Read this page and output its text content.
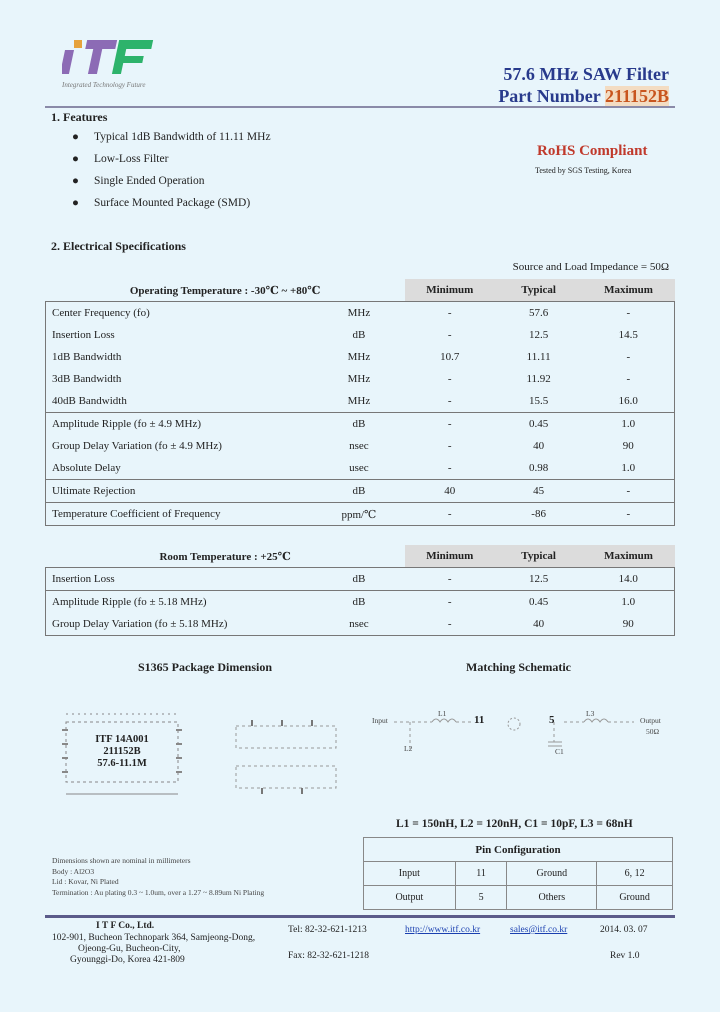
Integrated Technology Future
57.6 MHz SAW Filter
Part Number 211152B
1. Features
● Typical 1dB Bandwidth of 11.11 MHz
● Low-Loss Filter
● Single Ended Operation
● Surface Mounted Package (SMD)
RoHS Compliant
Tested by SGS Testing, Korea
2. Electrical Specifications
Source and Load Impedance = 50Ω
Operating Temperature : -30℃ ~ +80℃		Minimum	Typical	Maximum
Center Frequency (fo)	MHz	-	57.6	-
Insertion Loss	dB	-	12.5	14.5
1dB Bandwidth	MHz	10.7	11.11	-
3dB Bandwidth	MHz	-	11.92	-
40dB Bandwidth	MHz	-	15.5	16.0
Amplitude Ripple (fo ± 4.9 MHz)	dB	-	0.45	1.0
Group Delay Variation (fo ± 4.9 MHz)	nsec	-	40	90
Absolute Delay	usec	-	0.98	1.0
Ultimate Rejection	dB	40	45	-
Temperature Coefficient of Frequency	ppm/℃	-	-86	-
Room Temperature : +25℃		Minimum	Typical	Maximum
Insertion Loss	dB	-	12.5	14.0
Amplitude Ripple (fo ± 5.18 MHz)	dB	-	0.45	1.0
Group Delay Variation (fo ± 5.18 MHz)	nsec	-	40	90
S1365 Package Dimension
ITF 14A001
211152B
57.6-11.1M
Dimensions shown are nominal in millimeters
Body : Al2O3
Lid : Kovar, Ni Plated
Termination : Au plating 0.3 ~ 1.0um, over a 1.27 ~ 8.89um Ni Plating
Matching Schematic
Input	Output
50Ω
L1	L3
L2	C1
11	5
L1 = 150nH, L2 = 120nH, C1 = 10pF, L3 = 68nH
Pin Configuration			
Input	11	Ground	6, 12
Output	5	Others	Ground
I T F Co., Ltd.
102-901, Bucheon Technopark 364, Samjeong-Dong,
Ojeong-Gu, Bucheon-City,
Gyounggi-Do, Korea 421-809
Tel: 82-32-621-1213
Fax: 82-32-621-1218
http://www.itf.co.kr	sales@itf.co.kr	2014. 03. 07
Rev 1.0
